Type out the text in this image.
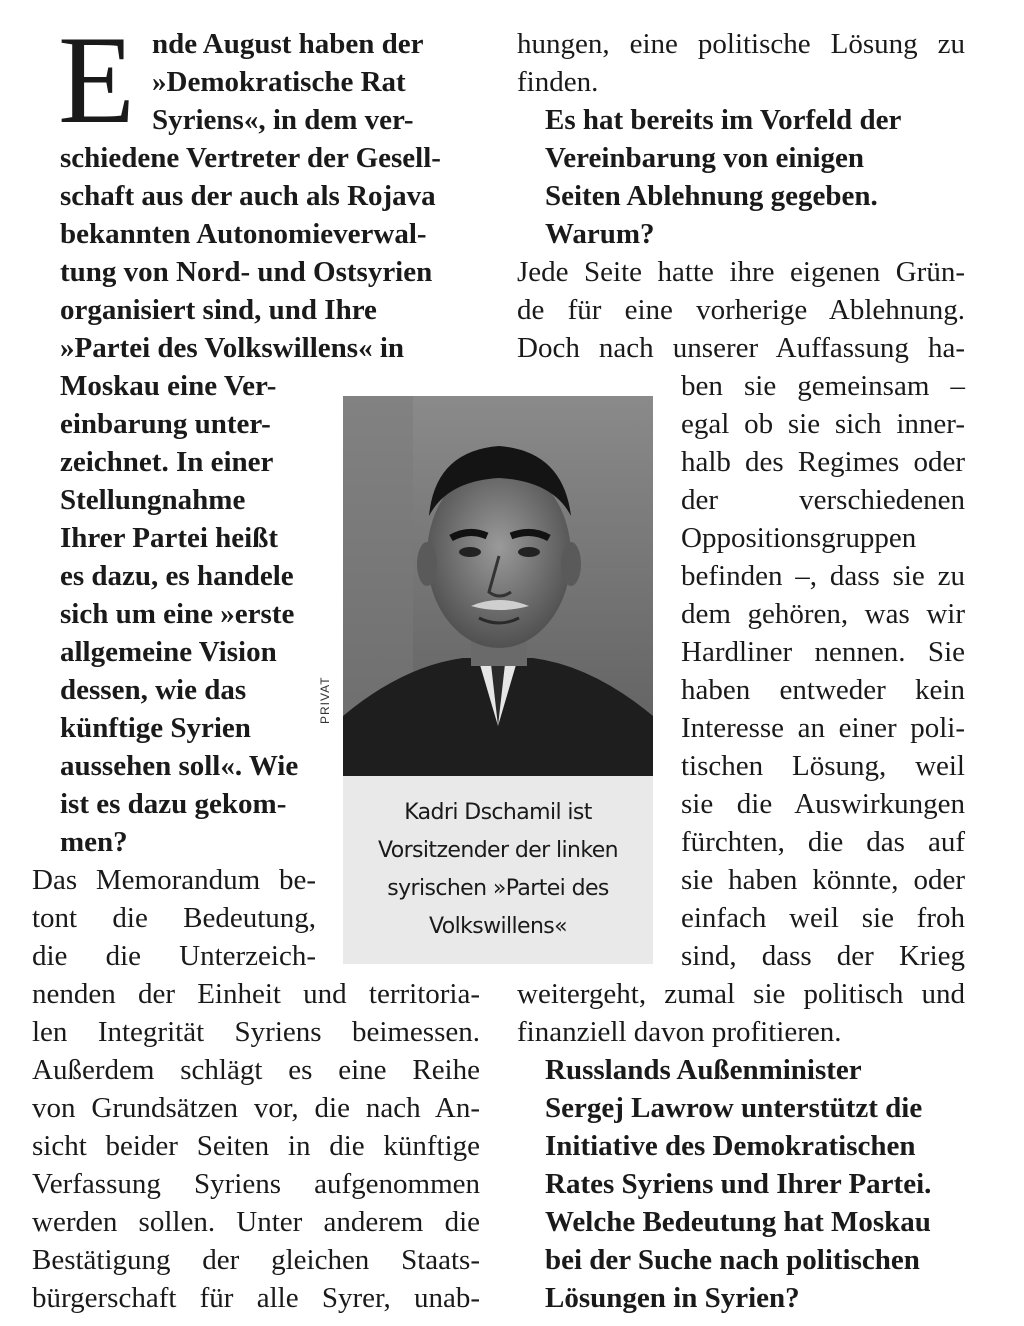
E nde August haben der
»Demokratische Rat
Syriens«, in dem ver-
schiedene Vertreter der Gesell-
schaft aus der auch als Rojava
bekannten Autonomieverwal-
tung von Nord- und Ostsyrien
organisiert sind, und Ihre
»Partei des Volkswillens« in
Moskau eine Ver-
einbarung unter-
zeichnet. In einer
Stellungnahme
Ihrer Partei heißt
es dazu, es handele
sich um eine »erste
allgemeine Vision
dessen, wie das
künftige Syrien
aussehen soll«. Wie
ist es dazu gekom-
men?
Das Memorandum be-
tont die Bedeutung,
die die Unterzeich-
nenden der Einheit und territoria-
len Integrität Syriens beimessen.
Außerdem schlägt es eine Reihe
von Grundsätzen vor, die nach An-
sicht beider Seiten in die künftige
Verfassung Syriens aufgenommen
werden sollen. Unter anderem die
Bestätigung der gleichen Staats-
bürgerschaft für alle Syrer, unab-
hungen, eine politische Lösung zu
finden.
Es hat bereits im Vorfeld der
Vereinbarung von einigen
Seiten Ablehnung gegeben.
Warum?
Jede Seite hatte ihre eigenen Grün-
de für eine vorherige Ablehnung.
Doch nach unserer Auffassung ha-
ben sie gemeinsam –
egal ob sie sich inner-
halb des Regimes oder
der verschiedenen
Oppositionsgruppen
befinden –, dass sie zu
dem gehören, was wir
Hardliner nennen. Sie
haben entweder kein
Interesse an einer poli-
tischen Lösung, weil
sie die Auswirkungen
fürchten, die das auf
sie haben könnte, oder
einfach weil sie froh
sind, dass der Krieg
weitergeht, zumal sie politisch und
finanziell davon profitieren.
Russlands Außenminister
Sergej Lawrow unterstützt die
Initiative des Demokratischen
Rates Syriens und Ihrer Partei.
Welche Bedeutung hat Moskau
bei der Suche nach politischen
Lösungen in Syrien?
PRIVAT
Kadri Dschamil ist
Vorsitzender der linken
syrischen »Partei des
Volkswillens«
